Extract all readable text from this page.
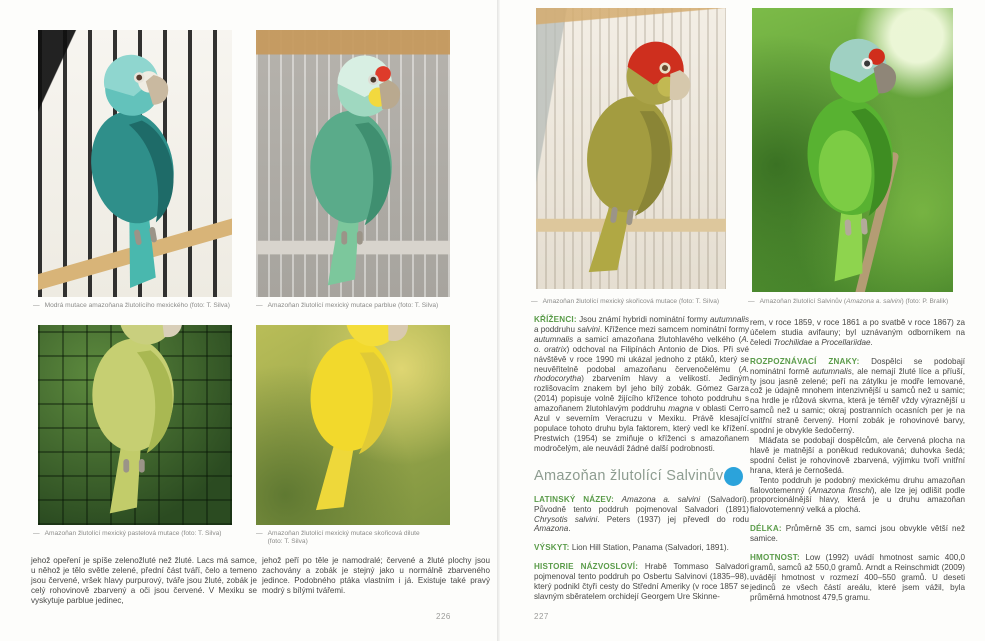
— Modrá mutace amazoňana žlutolícího mexického (foto: T. Silva)	— Amazoňan žlutolící mexický mutace parblue (foto: T. Silva)

— Amazoňan žlutolící mexický pastelová mutace (foto: T. Silva)	— Amazoňan žlutolící mexický mutace skořicová dilute (foto: T. Silva)

jehož opeření je spíše zelenožluté než žluté. Lacs má samce, u něhož je tělo světle zelené, přední část tváří, čelo a temeno jsou červené, vršek hlavy purpurový, tváře jsou žluté, zobák je celý rohovinově zbarvený a oči jsou červené. V Mexiku se vyskytuje parblue jedinec,
jehož peří po těle je namodralé; červené a žluté plochy jsou zachovány a zobák je stejný jako u normálně zbarveného jedince. Podobného ptáka vlastním i já. Existuje také pravý modrý s bílými tvářemi.
226

— Amazoňan žlutolící mexický skořicová mutace (foto: T. Silva)	— Amazoňan žlutolící Salvinův (Amazona a. salvini) (foto: P. Bralik)

KŘÍŽENCI: Jsou známí hybridi nominátní formy autumnalis a poddruhu salvini. Křížence mezi samcem nominátní formy autumnalis a samicí amazoňana žlutohlavého velkého (A. o. oratrix) odchoval na Filipínách Antonio de Dios. Při své návštěvě v roce 1990 mi ukázal jednoho z ptáků, který se neuvěřitelně podobal amazoňanu červenočelému (A. rhodocorytha) zbarvením hlavy a velikostí. Jediným rozlišovacím znakem byl jeho bílý zobák. Gómez Garza (2014) popisuje volně žijícího křížence tohoto poddruhu s amazoňanem žlutohlavým poddruhu magna v oblasti Cerro Azul v severním Veracruzu v Mexiku. Právě klesající populace tohoto druhu byla faktorem, který vedl ke křížení. Prestwich (1954) se zmiňuje o kříženci s amazoňanem modročelým, ale neuvádí žádné další podrobnosti.

Amazoňan žlutolící Salvinův

LATINSKÝ NÁZEV: Amazona a. salvini (Salvadori). Původně tento poddruh pojmenoval Salvadori (1891) Chrysotis salvini. Peters (1937) jej převedl do rodu Amazona.

VÝSKYT: Lion Hill Station, Panama (Salvadori, 1891).

HISTORIE NÁZVOSLOVÍ: Hrabě Tommaso Salvadori pojmenoval tento poddruh po Osbertu Salvinovi (1835–98), který podnikl čtyři cesty do Střední Ameriky (v roce 1857 se slavným sběratelem orchidejí Georgem Ure Skinne-

rem, v roce 1859, v roce 1861 a po svatbě v roce 1867) za účelem studia avifauny; byl uznávaným odborníkem na čeledi Trochilidae a Procellariidae.

ROZPOZNÁVACÍ ZNAKY: Dospělci se podobají nominátní formě autumnalis, ale nemají žluté líce a příuší, ty jsou jasně zelené; peří na zátylku je modře lemované, což je údajně mnohem intenzivnější u samců než u samic; na hrdle je růžová skvrna, která je téměř vždy výraznější u samců než u samic; okraj postranních ocasních per je na vnitřní straně červený. Horní zobák je rohovinové barvy, spodní je obvykle šedočerný.

Mláďata se podobají dospělcům, ale červená plocha na hlavě je matnější a poněkud redukovaná; duhovka šedá; spodní čelist je rohovinově zbarvená, výjimku tvoří vnitřní hrana, která je černošedá.

Tento poddruh je podobný mexickému druhu amazoňan fialovotemenný (Amazona finschi), ale lze jej odlišit podle proporcionálnější hlavy, která je u druhu amazoňan fialovotemenný velká a plochá.

DÉLKA: Průměrně 35 cm, samci jsou obvykle větší než samice.

HMOTNOST: Low (1992) uvádí hmotnost samic 400,0 gramů, samců až 550,0 gramů. Arndt a Reinschmidt (2009) uvádějí hmotnost v rozmezí 400–550 gramů. U deseti jedinců ze všech částí areálu, které jsem vážil, byla průměrná hmotnost 479,5 gramu.

227
